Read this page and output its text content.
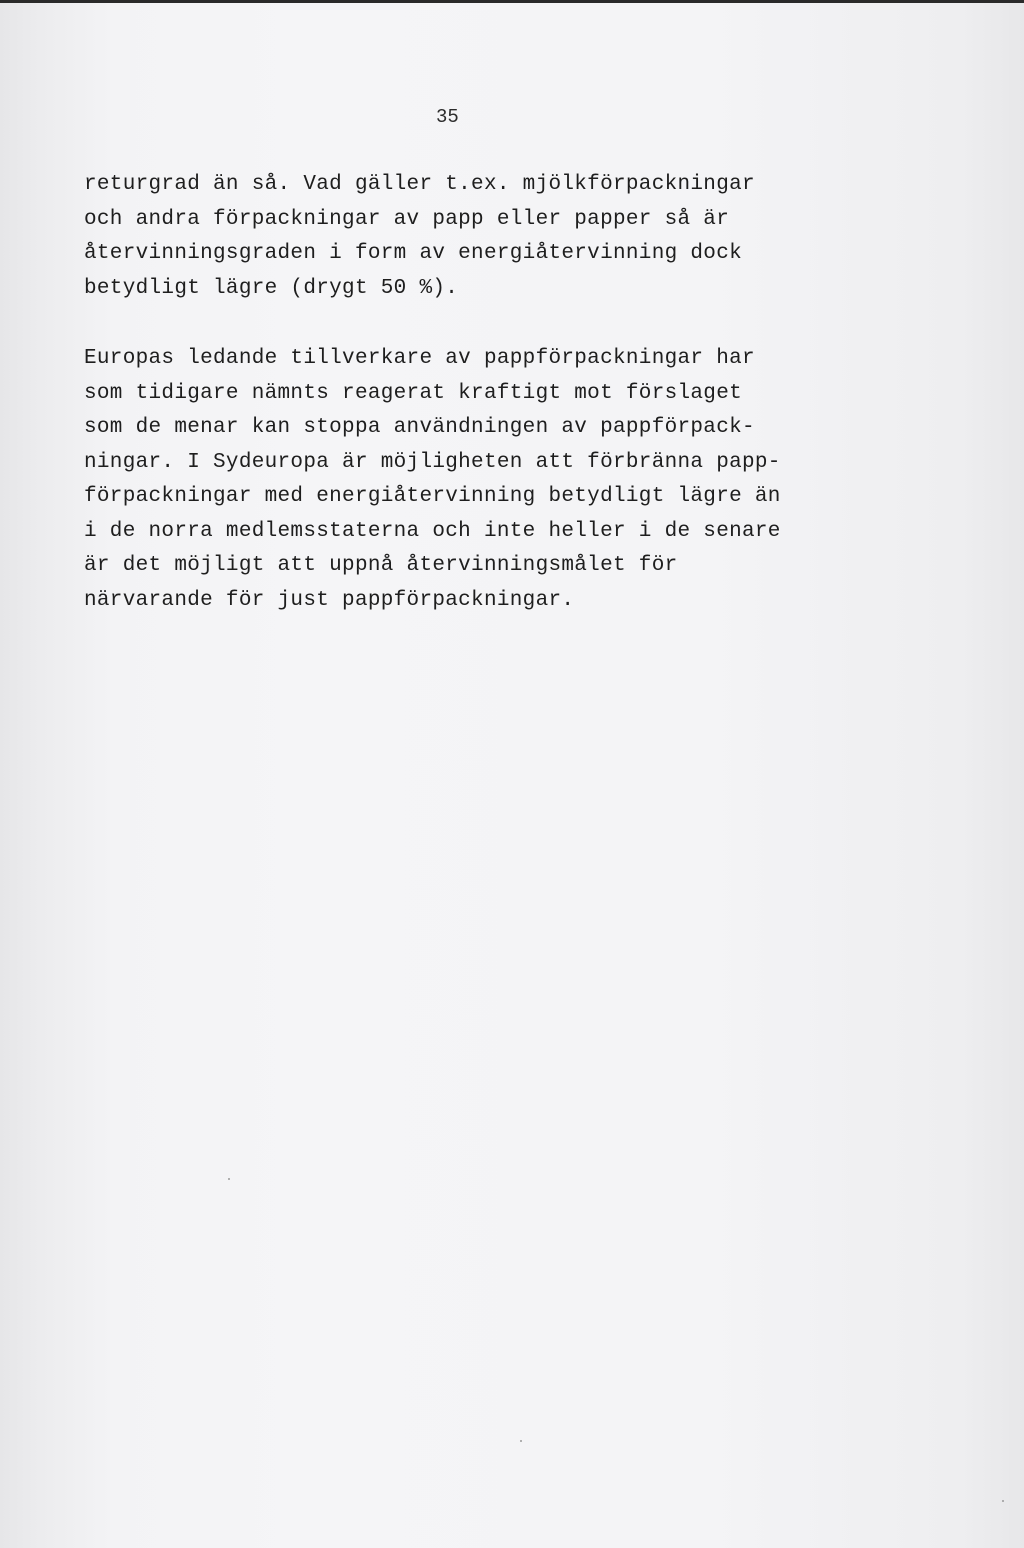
35

returgrad än så. Vad gäller t.ex. mjölkförpackningar
och andra förpackningar av papp eller papper så är
återvinningsgraden i form av energiåtervinning dock
betydligt lägre (drygt 50 %).
Europas ledande tillverkare av pappförpackningar har
som tidigare nämnts reagerat kraftigt mot förslaget
som de menar kan stoppa användningen av pappförpack-
ningar. I Sydeuropa är möjligheten att förbränna papp-
förpackningar med energiåtervinning betydligt lägre än
i de norra medlemsstaterna och inte heller i de senare
är det möjligt att uppnå återvinningsmålet för
närvarande för just pappförpackningar.
